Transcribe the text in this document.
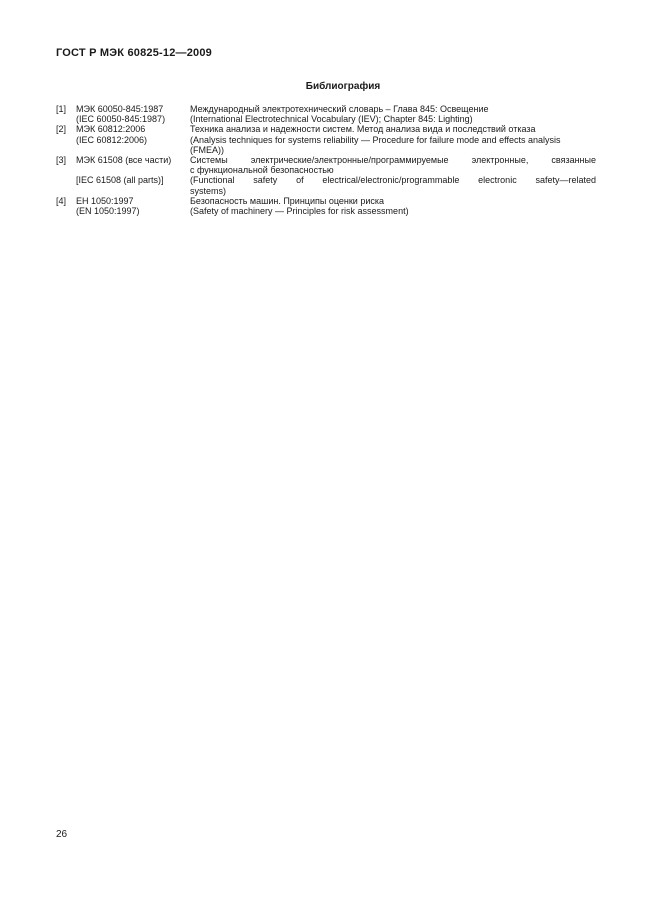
ГОСТ Р МЭК 60825-12—2009
Библиография
[1]	МЭК 60050-845:1987	Международный электротехнический словарь – Глава 845: Освещение
(IEC 60050-845:1987)	(International Electrotechnical Vocabulary (IEV); Chapter 845: Lighting)
[2]	МЭК 60812:2006	Техника анализа и надежности систем. Метод анализа вида и последствий отказа
(IEC 60812:2006)	(Analysis techniques for systems reliability — Procedure for failure mode and effects analysis
(FMEA))
[3]	МЭК 61508 (все части)	Системы электрические/электронные/программируемые электронные, связанные
с функциональной безопасностью
[IEC 61508 (all parts)]	(Functional safety of electrical/electronic/programmable electronic safety—related
systems)
[4]	ЕН 1050:1997	Безопасность машин. Принципы оценки риска
(EN 1050:1997)	(Safety of machinery — Principles for risk assessment)
26
